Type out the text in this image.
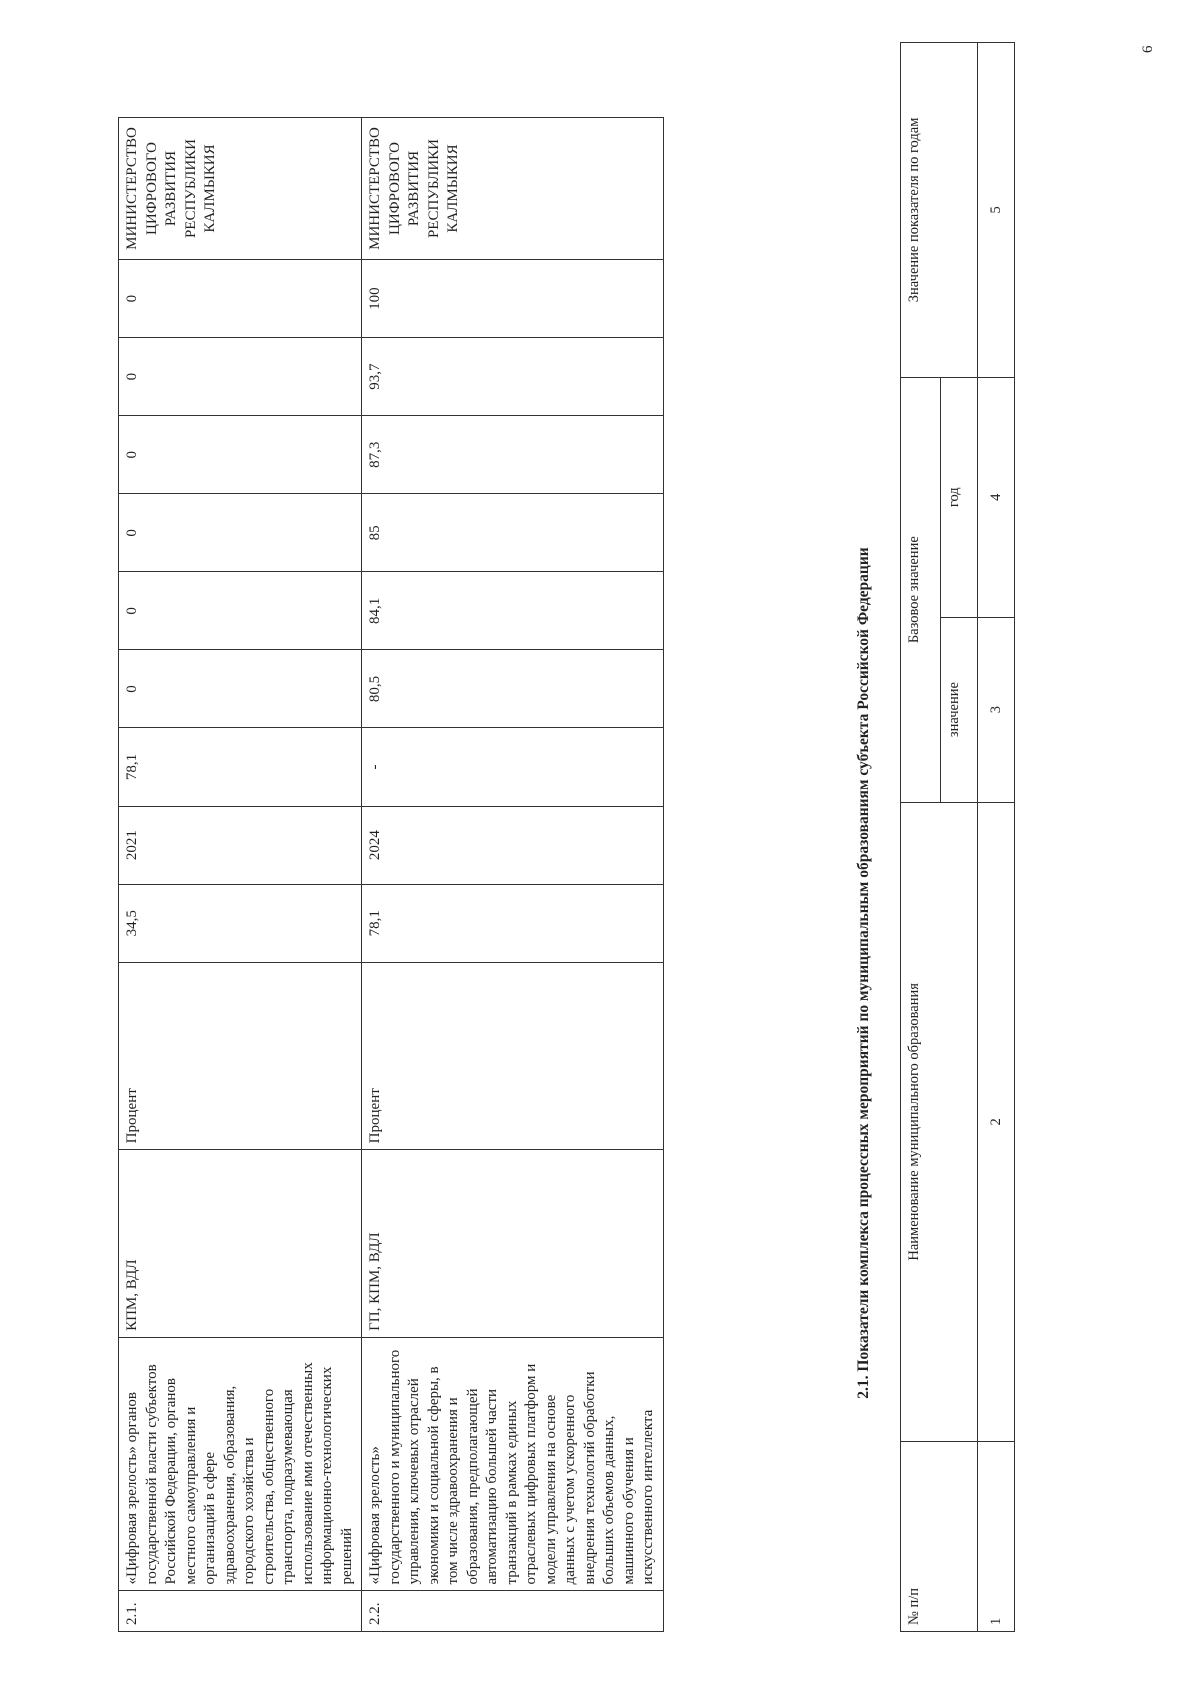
2.1.	«Цифровая зрелость» органов государственной власти субъектов Российской Федерации, органов местного самоуправления и организаций в сфере здравоохранения, образования, городского хозяйства и строительства, общественного транспорта, подразумевающая использование ими отечественных информационно-технологических решений	КПМ, ВДЛ	Процент	34,5	2021	78,1	0	0	0	0	0	0	МИНИСТЕРСТВО ЦИФРОВОГО РАЗВИТИЯ РЕСПУБЛИКИ КАЛМЫКИЯ
2.2.	«Цифровая зрелость» государственного и муниципального управления, ключевых отраслей экономики и социальной сферы, в том числе здравоохранения и образования, предполагающей автоматизацию большей части транзакций в рамках единых отраслевых цифровых платформ и модели управления на основе данных с учетом ускоренного внедрения технологий обработки больших объемов данных, машинного обучения и искусственного интеллекта	ГП, КПМ, ВДЛ	Процент	78,1	2024	-	80,5	84,1	85	87,3	93,7	100	МИНИСТЕРСТВО ЦИФРОВОГО РАЗВИТИЯ РЕСПУБЛИКИ КАЛМЫКИЯ
2.1. Показатели комплекса процессных мероприятий по муниципальным образованиям субъекта Российской Федерации
№ п/п	Наименование муниципального образования	Базовое значение		Значение показателя по годам
		значение	год	
1	2	3	4	5
6
